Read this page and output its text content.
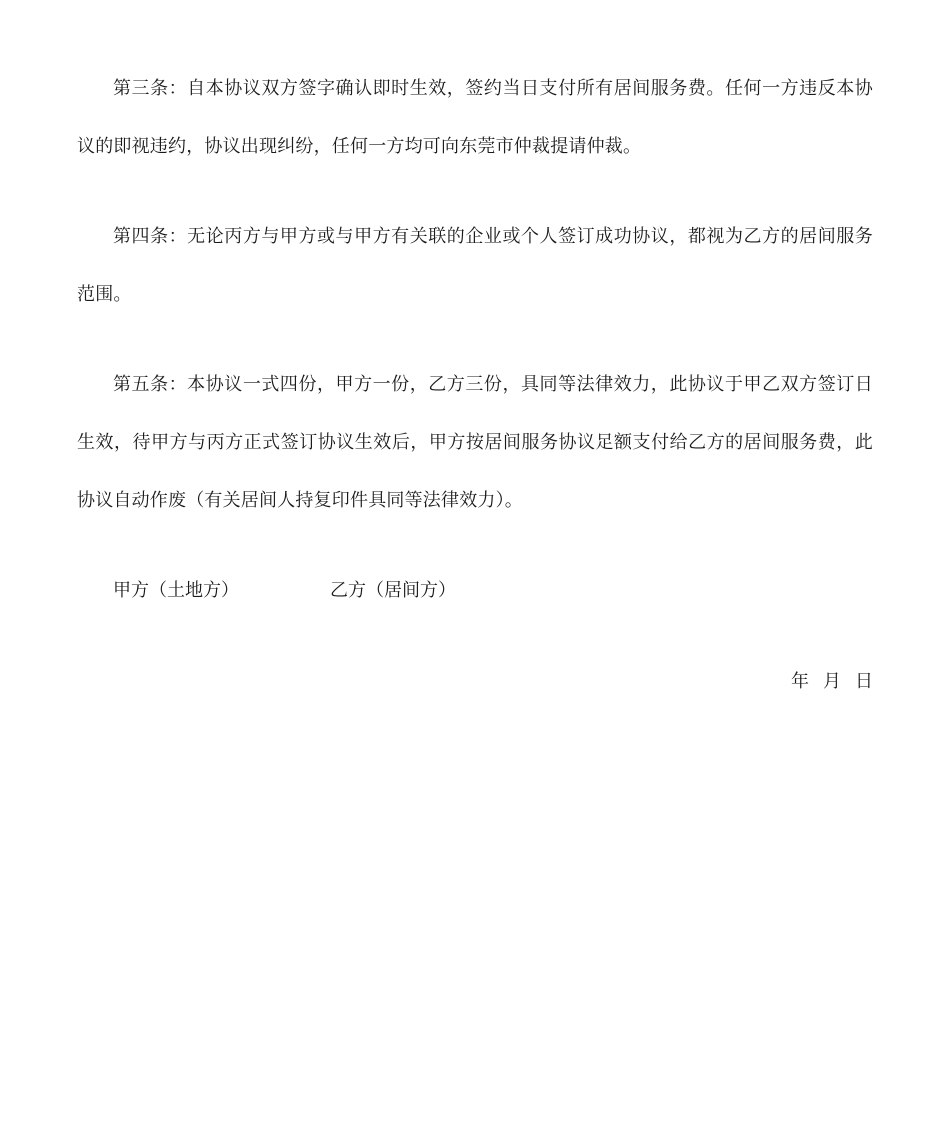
第三条：自本协议双方签字确认即时生效，签约当日支付所有居间服务费。任何一方违反本协议的即视违约，协议出现纠纷，任何一方均可向东莞市仲裁提请仲裁。

第四条：无论丙方与甲方或与甲方有关联的企业或个人签订成功协议，都视为乙方的居间服务范围。

第五条：本协议一式四份，甲方一份，乙方三份，具同等法律效力，此协议于甲乙双方签订日生效，待甲方与丙方正式签订协议生效后，甲方按居间服务协议足额支付给乙方的居间服务费，此协议自动作废（有关居间人持复印件具同等法律效力）。

甲方（土地方）	乙方（居间方）
年 月 日
